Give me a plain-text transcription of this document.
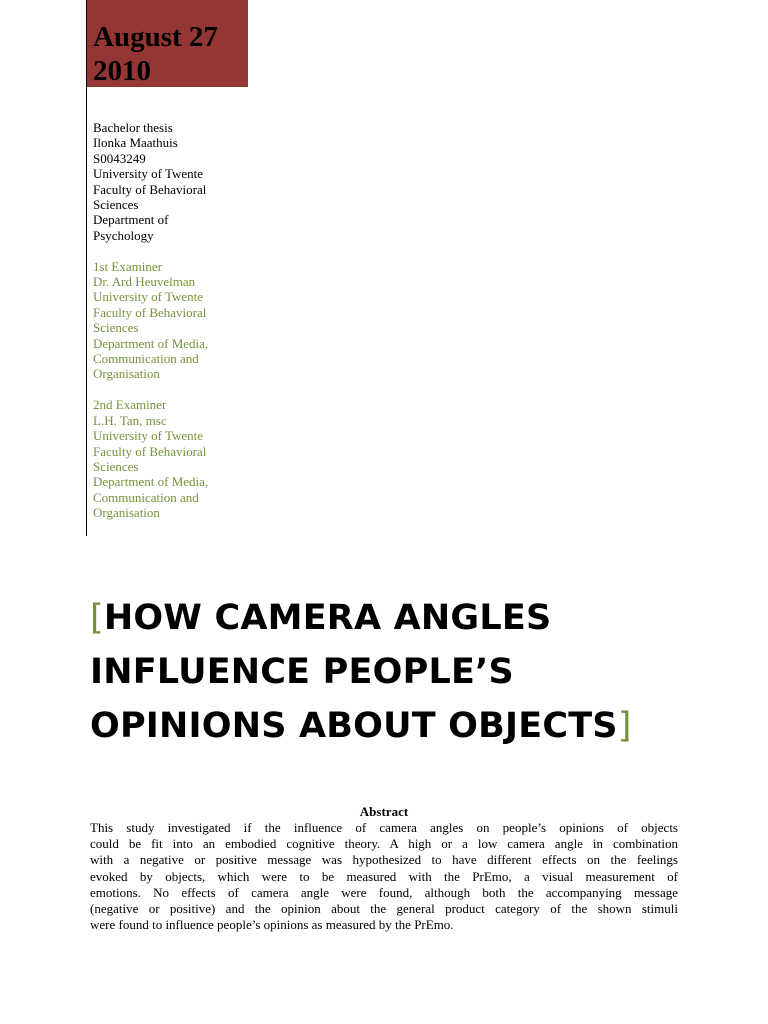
August 27
2010
Bachelor thesis
Ilonka Maathuis
S0043249
University of Twente
Faculty of Behavioral
Sciences
Department of
Psychology
1st Examiner
Dr. Ard Heuvelman
University of Twente
Faculty of Behavioral
Sciences
Department of Media,
Communication and
Organisation
2nd Examiner
L.H. Tan, msc
University of Twente
Faculty of Behavioral
Sciences
Department of Media,
Communication and
Organisation
[HOW CAMERA ANGLES
INFLUENCE PEOPLE’S
OPINIONS ABOUT OBJECTS]
Abstract
This study investigated if the influence of camera angles on people’s opinions of objects
could be fit into an embodied cognitive theory. A high or a low camera angle in combination
with a negative or positive message was hypothesized to have different effects on the feelings
evoked by objects, which were to be measured with the PrEmo, a visual measurement of
emotions. No effects of camera angle were found, although both the accompanying message
(negative or positive) and the opinion about the general product category of the shown stimuli
were found to influence people’s opinions as measured by the PrEmo.
